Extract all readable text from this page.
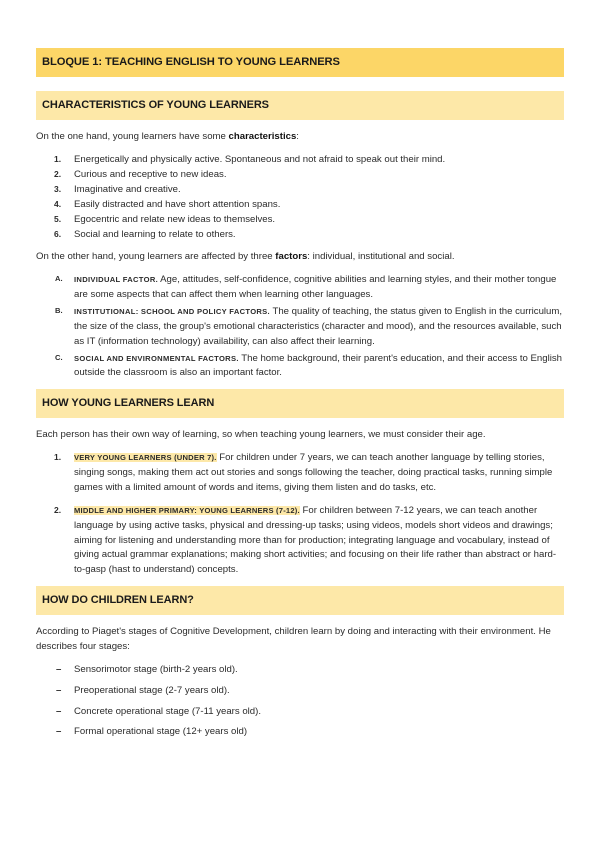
BLOQUE 1: TEACHING ENGLISH TO YOUNG LEARNERS
CHARACTERISTICS OF YOUNG LEARNERS

On the one hand, young learners have some characteristics:

1. Energetically and physically active. Spontaneous and not afraid to speak out their mind.
2. Curious and receptive to new ideas.
3. Imaginative and creative.
4. Easily distracted and have short attention spans.
5. Egocentric and relate new ideas to themselves.
6. Social and learning to relate to others.

On the other hand, young learners are affected by three factors: individual, institutional and social.

A. INDIVIDUAL FACTOR. Age, attitudes, self-confidence, cognitive abilities and learning styles, and their mother tongue are some aspects that can affect them when learning other languages.
B. INSTITUTIONAL: SCHOOL AND POLICY FACTORS. The quality of teaching, the status given to English in the curriculum, the size of the class, the group's emotional characteristics (character and mood), and the resources available, such as IT (information technology) availability, can also affect their learning.
C. SOCIAL AND ENVIRONMENTAL FACTORS. The home background, their parent's education, and their access to English outside the classroom is also an important factor.
HOW YOUNG LEARNERS LEARN

Each person has their own way of learning, so when teaching young learners, we must consider their age.

1. VERY YOUNG LEARNERS (UNDER 7). For children under 7 years, we can teach another language by telling stories, singing songs, making them act out stories and songs following the teacher, doing practical tasks, running simple games with a limited amount of words and items, giving them listen and do tasks, etc.
2. MIDDLE AND HIGHER PRIMARY: YOUNG LEARNERS (7-12). For children between 7-12 years, we can teach another language by using active tasks, physical and dressing-up tasks; using videos, models short videos and drawings; aiming for listening and understanding more than for production; integrating language and vocabulary, instead of giving actual grammar explanations; making short activities; and focusing on their life rather than abstract or hard-to-gasp (hast to understand) concepts.
HOW DO CHILDREN LEARN?

According to Piaget's stages of Cognitive Development, children learn by doing and interacting with their environment. He describes four stages:

– Sensorimotor stage (birth-2 years old).
– Preoperational stage (2-7 years old).
– Concrete operational stage (7-11 years old).
– Formal operational stage (12+ years old)
